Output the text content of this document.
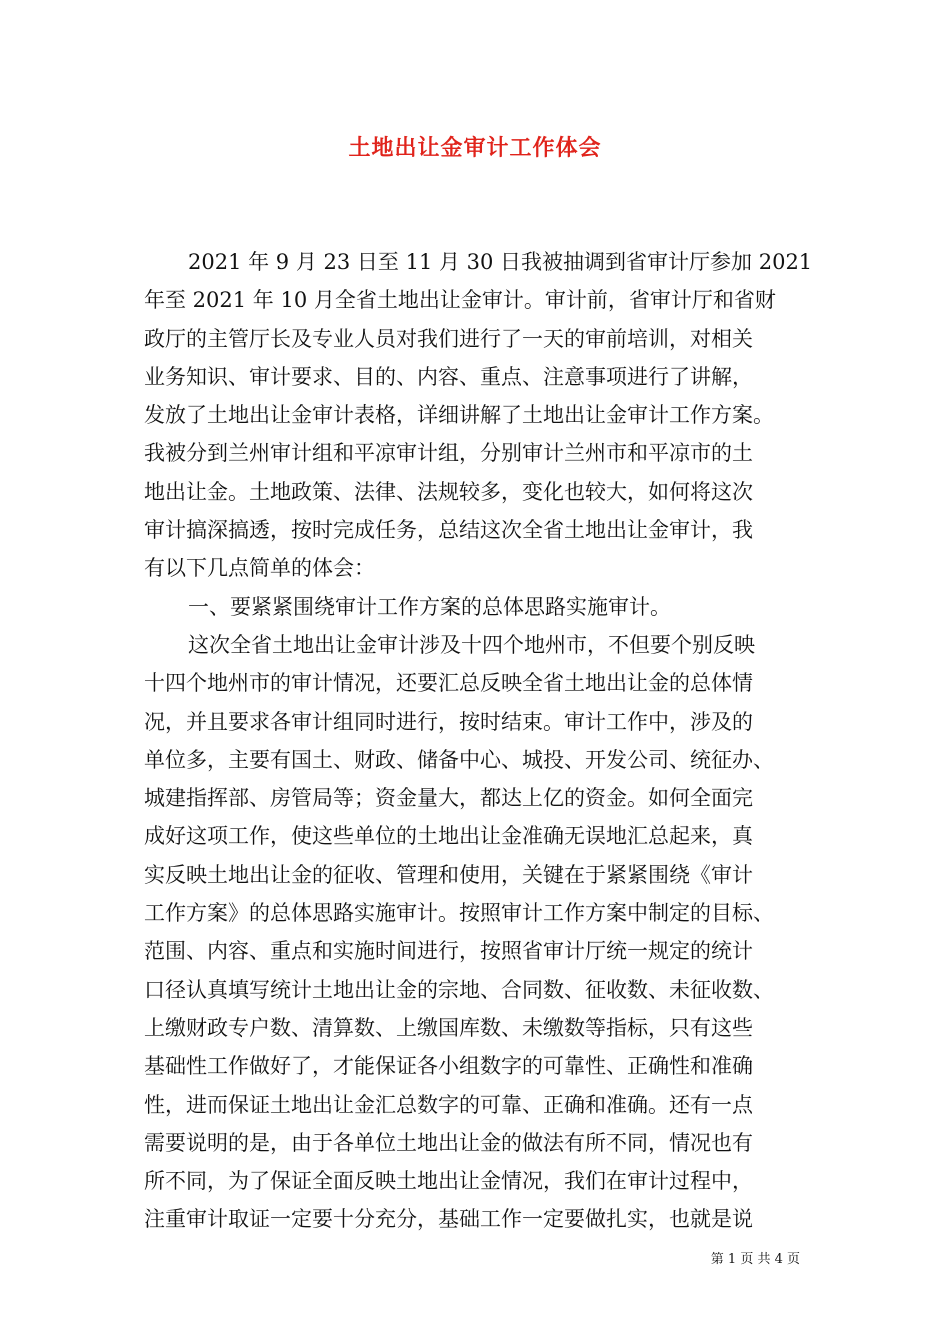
土地出让金审计工作体会
2021 年 9 月 23 日至 11 月 30 日我被抽调到省审计厅参加 2021
年至 2021 年 10 月全省土地出让金审计。审计前，省审计厅和省财
政厅的主管厅长及专业人员对我们进行了一天的审前培训，对相关
业务知识、审计要求、目的、内容、重点、注意事项进行了讲解，
发放了土地出让金审计表格，详细讲解了土地出让金审计工作方案。
我被分到兰州审计组和平凉审计组，分别审计兰州市和平凉市的土
地出让金。土地政策、法律、法规较多，变化也较大，如何将这次
审计搞深搞透，按时完成任务，总结这次全省土地出让金审计，我
有以下几点简单的体会：
一、要紧紧围绕审计工作方案的总体思路实施审计。
这次全省土地出让金审计涉及十四个地州市，不但要个别反映
十四个地州市的审计情况，还要汇总反映全省土地出让金的总体情
况，并且要求各审计组同时进行，按时结束。审计工作中，涉及的
单位多，主要有国土、财政、储备中心、城投、开发公司、统征办、
城建指挥部、房管局等；资金量大，都达上亿的资金。如何全面完
成好这项工作，使这些单位的土地出让金准确无误地汇总起来，真
实反映土地出让金的征收、管理和使用，关键在于紧紧围绕《审计
工作方案》的总体思路实施审计。按照审计工作方案中制定的目标、
范围、内容、重点和实施时间进行，按照省审计厅统一规定的统计
口径认真填写统计土地出让金的宗地、合同数、征收数、未征收数、
上缴财政专户数、清算数、上缴国库数、未缴数等指标，只有这些
基础性工作做好了，才能保证各小组数字的可靠性、正确性和准确
性，进而保证土地出让金汇总数字的可靠、正确和准确。还有一点
需要说明的是，由于各单位土地出让金的做法有所不同，情况也有
所不同，为了保证全面反映土地出让金情况，我们在审计过程中，
注重审计取证一定要十分充分，基础工作一定要做扎实，也就是说
第 1 页 共 4 页
